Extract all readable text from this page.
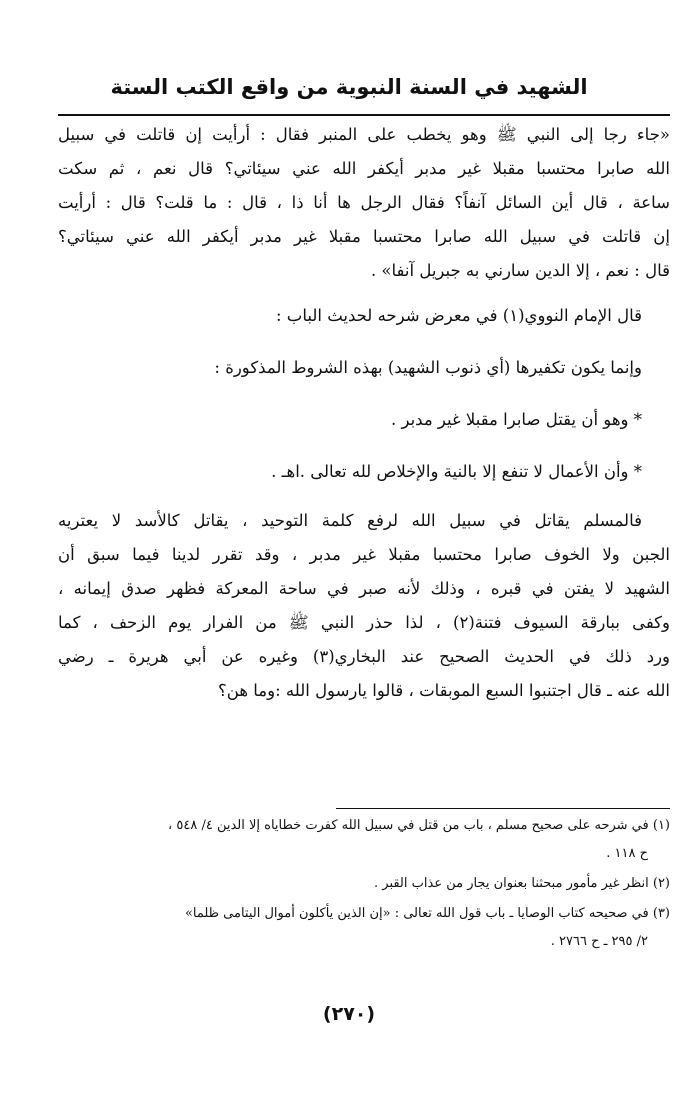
الشهيد في السنة النبوية من واقع الكتب الستة

«جاء رجا إلى النبي ﷺ وهو يخطب على المنبر فقال : أرأيت إن قاتلت في سبيل
الله صابرا محتسبا مقبلا غير مدبر أيكفر الله عني سيئاتي؟ قال نعم ، ثم سكت
ساعة ، قال أين السائل آنفاً؟ فقال الرجل ها أنا ذا ، قال : ما قلت؟ قال : أرأيت
إن قاتلت في سبيل الله صابرا محتسبا مقبلا غير مدبر أيكفر الله عني سيئاتي؟
قال : نعم ، إلا الدين سارني به جبريل آنفا» .

قال الإمام النووي(١) في معرض شرحه لحديث الباب :

وإنما يكون تكفيرها (أي ذنوب الشهيد) بهذه الشروط المذكورة :

* وهو أن يقتل صابرا مقبلا غير مدبر .

* وأن الأعمال لا تنفع إلا بالنية والإخلاص لله تعالى .اهـ .

فالمسلم يقاتل في سبيل الله لرفع كلمة التوحيد ، يقاتل كالأسد لا يعتريه
الجبن ولا الخوف صابرا محتسبا مقبلا غير مدبر ، وقد تقرر لدينا فيما سبق أن
الشهيد لا يفتن في قبره ، وذلك لأنه صبر في ساحة المعركة فظهر صدق إيمانه ،
وكفى ببارقة السيوف فتنة(٢) ، لذا حذر النبي ﷺ من الفرار يوم الزحف ، كما
ورد ذلك في الحديث الصحيح عند البخاري(٣) وغيره عن أبي هريرة ـ رضي
الله عنه ـ قال اجتنبوا السبع الموبقات ، قالوا يارسول الله :وما هن؟

(١) في شرحه على صحيح مسلم ، باب من قتل في سبيل الله كفرت خطاياه إلا الدين ٤/ ٥٤٨ ،
ح ١١٨ .

(٢) انظر غير مأمور مبحثنا بعنوان يجار من عذاب القبر .

(٣) في صحيحه كتاب الوصايا ـ باب قول الله تعالى : «إن الذين يأكلون أموال اليتامى ظلما»
٢/ ٢٩٥ ـ ح ٢٧٦٦ .

(٢٧٠)
